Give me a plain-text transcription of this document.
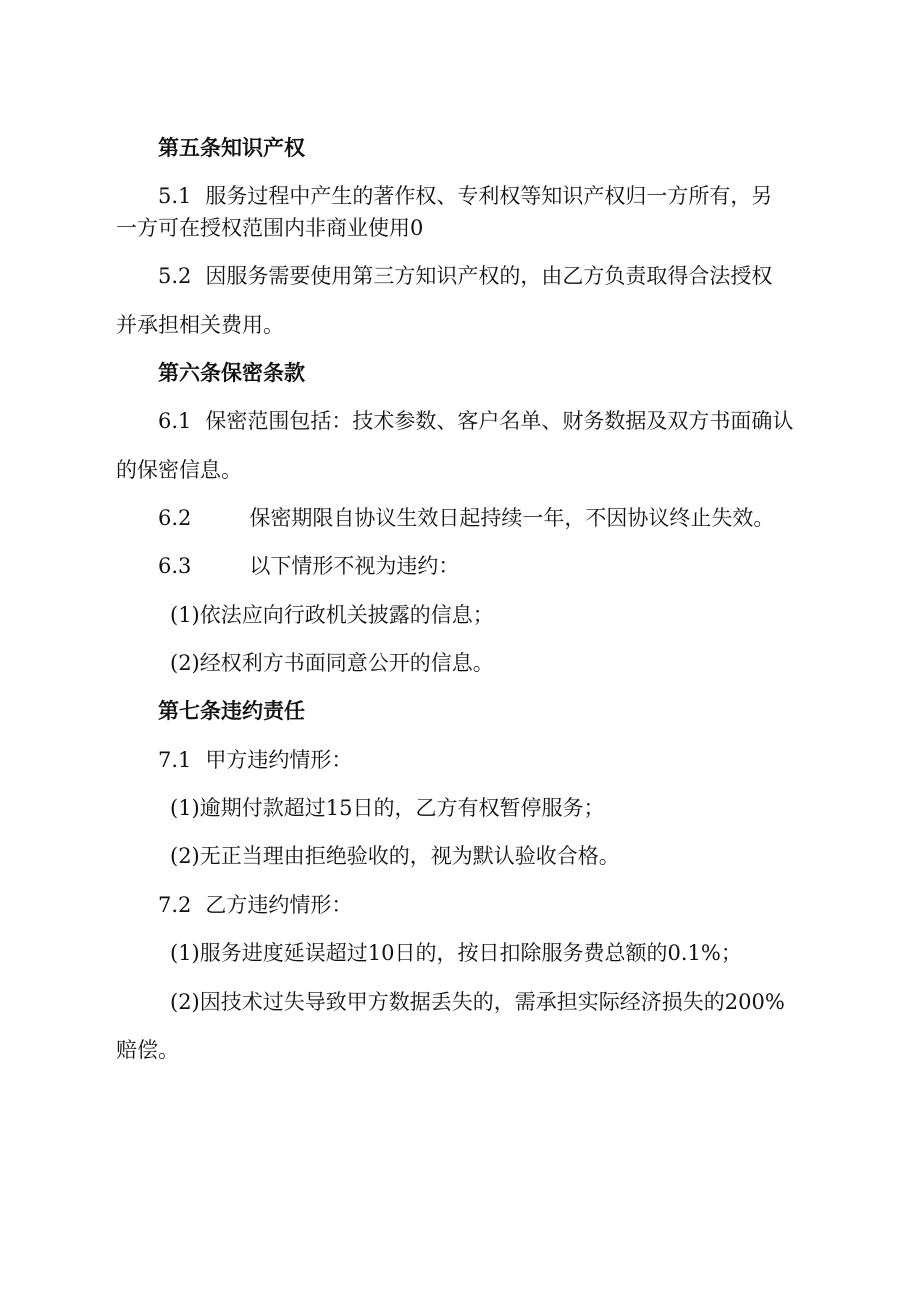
第五条知识产权
5.1 服务过程中产生的著作权、专利权等知识产权归一方所有，另
一方可在授权范围内非商业使用0
5.2 因服务需要使用第三方知识产权的，由乙方负责取得合法授权
并承担相关费用。
第六条保密条款
6.1 保密范围包括：技术参数、客户名单、财务数据及双方书面确认
的保密信息。
6.2	保密期限自协议生效日起持续一年，不因协议终止失效。
6.3	以下情形不视为违约：
(1)依法应向行政机关披露的信息；
(2)经权利方书面同意公开的信息。
第七条违约责任
7.1 甲方违约情形：
(1)逾期付款超过15日的，乙方有权暂停服务；
(2)无正当理由拒绝验收的，视为默认验收合格。
7.2 乙方违约情形：
(1)服务进度延误超过10日的，按日扣除服务费总额的0.1%；
(2)因技术过失导致甲方数据丢失的，需承担实际经济损失的200%
赔偿。
